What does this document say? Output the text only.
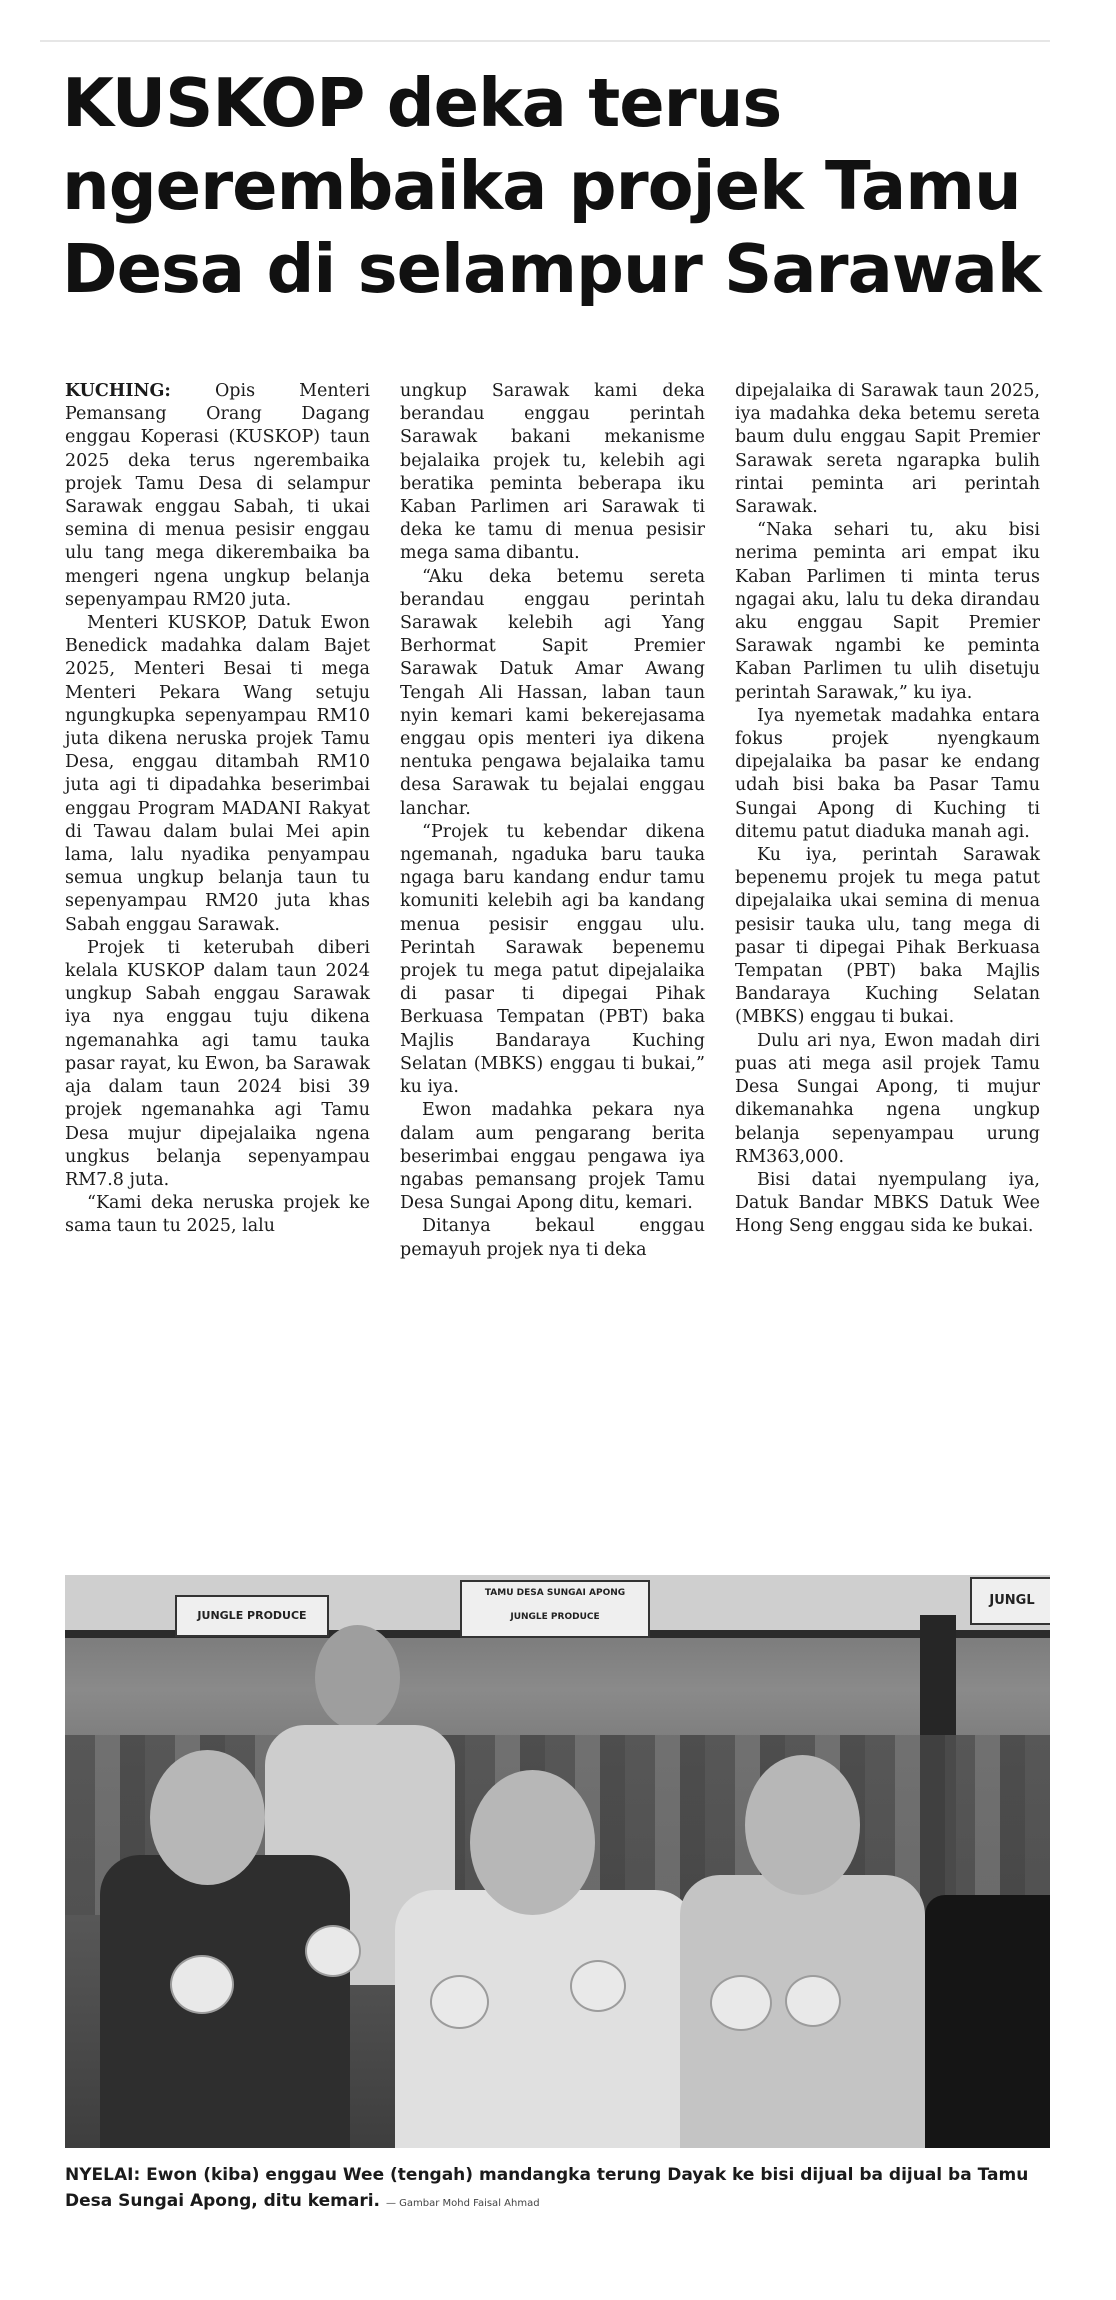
KUSKOP deka terus
ngerembaika projek Tamu
Desa di selampur Sarawak

KUCHING:	Opis Menteri Pemansang Orang Dagang enggau Koperasi (KUSKOP) taun 2025 deka terus ngerembaika projek Tamu Desa di selampur Sarawak enggau Sabah, ti ukai semina di menua pesisir enggau ulu tang mega dikerembaika ba mengeri ngena ungkup belanja sepenyampau RM20 juta.

Menteri KUSKOP, Datuk Ewon Benedick madahka dalam Bajet 2025, Menteri Besai ti mega Menteri Pekara Wang setuju ngungkupka sepenyampau RM10 juta dikena neruska projek Tamu Desa, enggau ditambah RM10 juta agi ti dipadahka beserimbai enggau Program MADANI Rakyat di Tawau dalam bulai Mei apin lama, lalu nyadika penyampau semua ungkup belanja taun tu sepenyampau RM20 juta khas Sabah enggau Sarawak.

Projek ti keterubah diberi kelala KUSKOP dalam taun 2024 ungkup Sabah enggau Sarawak iya nya enggau tuju dikena ngemanahka agi tamu tauka pasar rayat, ku Ewon, ba Sarawak aja dalam taun 2024 bisi 39 projek ngemanahka agi Tamu Desa mujur dipejalaika ngena ungkus belanja sepenyampau RM7.8 juta.

“Kami deka neruska projek ke sama taun tu 2025, lalu

ungkup Sarawak kami deka berandau enggau perintah Sarawak bakani mekanisme bejalaika projek tu, kelebih agi beratika peminta beberapa iku Kaban Parlimen ari Sarawak ti deka ke tamu di menua pesisir mega sama dibantu.

“Aku deka betemu sereta berandau enggau perintah Sarawak kelebih agi Yang Berhormat Sapit Premier Sarawak Datuk Amar Awang Tengah Ali Hassan, laban taun nyin kemari kami bekerejasama enggau opis menteri iya dikena nentuka pengawa bejalaika tamu desa Sarawak tu bejalai enggau lanchar.

“Projek tu kebendar dikena ngemanah, ngaduka baru tauka ngaga baru kandang endur tamu komuniti kelebih agi ba kandang menua pesisir enggau ulu. Perintah Sarawak bepenemu projek tu mega patut dipejalaika di pasar ti dipegai Pihak Berkuasa Tempatan (PBT) baka Majlis Bandaraya Kuching Selatan (MBKS) enggau ti bukai,” ku iya.

Ewon madahka pekara nya dalam aum pengarang berita beserimbai enggau pengawa iya ngabas pemansang projek Tamu Desa Sungai Apong ditu, kemari.

Ditanya bekaul enggau pemayuh projek nya ti deka

dipejalaika di Sarawak taun 2025, iya madahka deka betemu sereta baum dulu enggau Sapit Premier Sarawak sereta ngarapka bulih rintai peminta ari perintah Sarawak.

“Naka sehari tu, aku bisi nerima peminta ari empat iku Kaban Parlimen ti minta terus ngagai aku, lalu tu deka dirandau aku enggau Sapit Premier Sarawak ngambi ke peminta Kaban Parlimen tu ulih disetuju perintah Sarawak,” ku iya.

Iya nyemetak madahka entara fokus projek nyengkaum dipejalaika ba pasar ke endang udah bisi baka ba Pasar Tamu Sungai Apong di Kuching ti ditemu patut diaduka manah agi.

Ku iya, perintah Sarawak bepenemu projek tu mega patut dipejalaika ukai semina di menua pesisir tauka ulu, tang mega di pasar ti dipegai Pihak Berkuasa Tempatan (PBT) baka Majlis Bandaraya Kuching Selatan (MBKS) enggau ti bukai.

Dulu ari nya, Ewon madah diri puas ati mega asil projek Tamu Desa Sungai Apong, ti mujur dikemanahka ngena ungkup belanja sepenyampau urung RM363,000.

Bisi datai nyempulang iya, Datuk Bandar MBKS Datuk Wee Hong Seng enggau sida ke bukai.

JUNGLE PRODUCE
TAMU DESA SUNGAI APONG
JUNGLE PRODUCE
JUNGL
NYELAI: Ewon (kiba) enggau Wee (tengah) mandangka terung Dayak ke bisi dijual ba dijual ba Tamu Desa Sungai Apong, ditu kemari. — Gambar Mohd Faisal Ahmad
